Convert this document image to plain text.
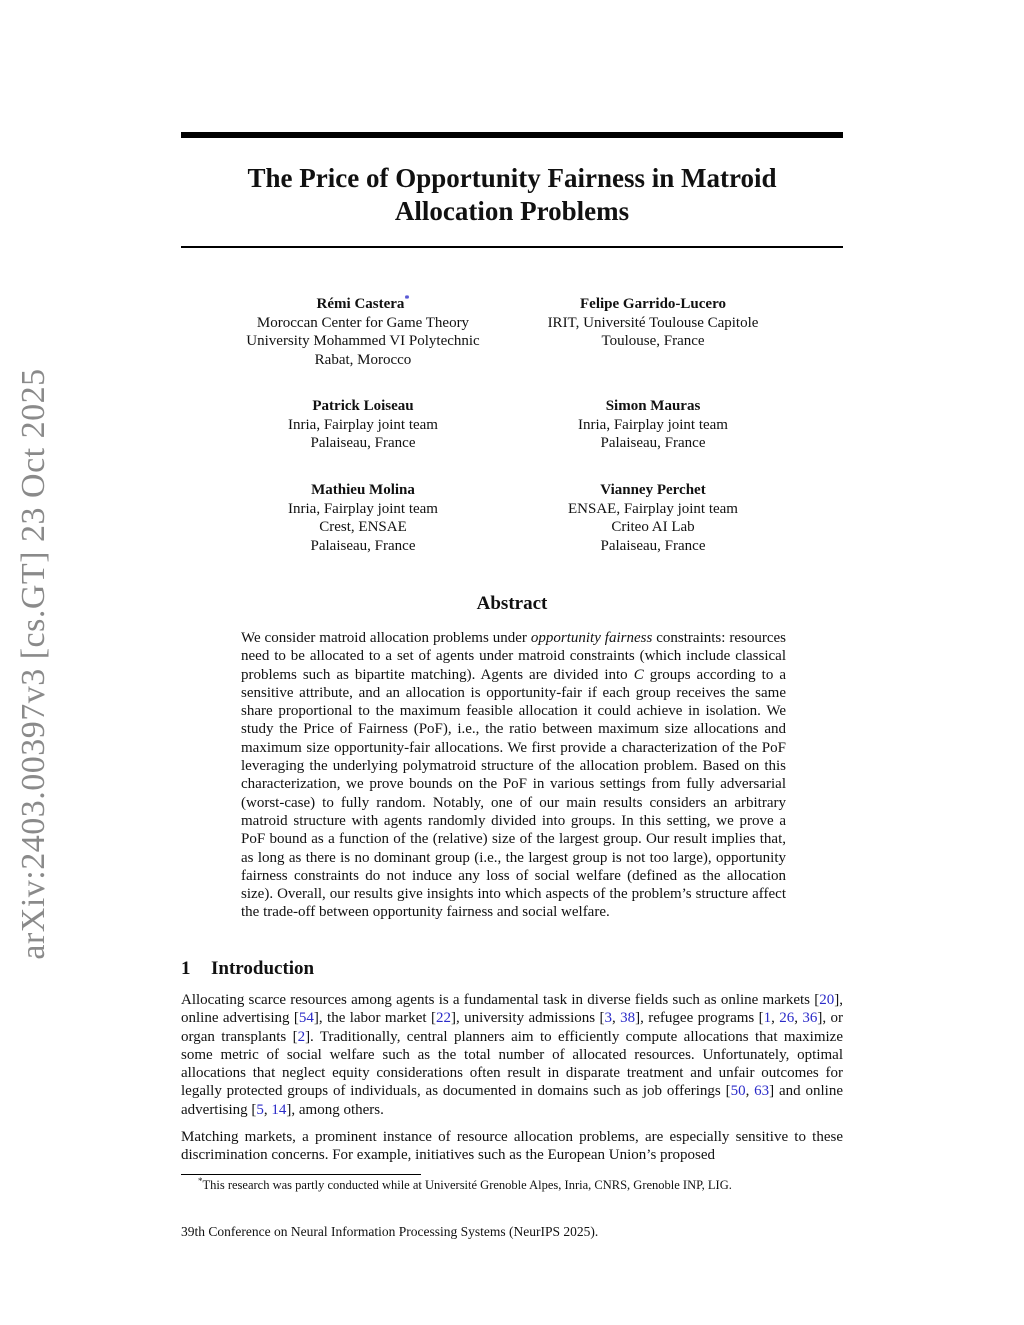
arXiv:2403.00397v3 [cs.GT] 23 Oct 2025
The Price of Opportunity Fairness in Matroid
Allocation Problems
Rémi Castera*
Moroccan Center for Game Theory
University Mohammed VI Polytechnic
Rabat, Morocco
Felipe Garrido-Lucero
IRIT, Université Toulouse Capitole
Toulouse, France
Patrick Loiseau
Inria, Fairplay joint team
Palaiseau, France
Simon Mauras
Inria, Fairplay joint team
Palaiseau, France
Mathieu Molina
Inria, Fairplay joint team
Crest, ENSAE
Palaiseau, France
Vianney Perchet
ENSAE, Fairplay joint team
Criteo AI Lab
Palaiseau, France
Abstract

We consider matroid allocation problems under opportunity fairness constraints: resources need to be allocated to a set of agents under matroid constraints (which include classical problems such as bipartite matching). Agents are divided into C groups according to a sensitive attribute, and an allocation is opportunity-fair if each group receives the same share proportional to the maximum feasible allocation it could achieve in isolation. We study the Price of Fairness (PoF), i.e., the ratio between maximum size allocations and maximum size opportunity-fair allocations. We first provide a characterization of the PoF leveraging the underlying polymatroid structure of the allocation problem. Based on this characterization, we prove bounds on the PoF in various settings from fully adversarial (worst-case) to fully random. Notably, one of our main results considers an arbitrary matroid structure with agents randomly divided into groups. In this setting, we prove a PoF bound as a function of the (relative) size of the largest group. Our result implies that, as long as there is no dominant group (i.e., the largest group is not too large), opportunity fairness constraints do not induce any loss of social welfare (defined as the allocation size). Overall, our results give insights into which aspects of the problem’s structure affect the trade-off between opportunity fairness and social welfare.

1 Introduction

Allocating scarce resources among agents is a fundamental task in diverse fields such as online markets [20], online advertising [54], the labor market [22], university admissions [3, 38], refugee programs [1, 26, 36], or organ transplants [2]. Traditionally, central planners aim to efficiently compute allocations that maximize some metric of social welfare such as the total number of allocated resources. Unfortunately, optimal allocations that neglect equity considerations often result in disparate treatment and unfair outcomes for legally protected groups of individuals, as documented in domains such as job offerings [50, 63] and online advertising [5, 14], among others.

Matching markets, a prominent instance of resource allocation problems, are especially sensitive to these discrimination concerns. For example, initiatives such as the European Union’s proposed

*This research was partly conducted while at Université Grenoble Alpes, Inria, CNRS, Grenoble INP, LIG.

39th Conference on Neural Information Processing Systems (NeurIPS 2025).
